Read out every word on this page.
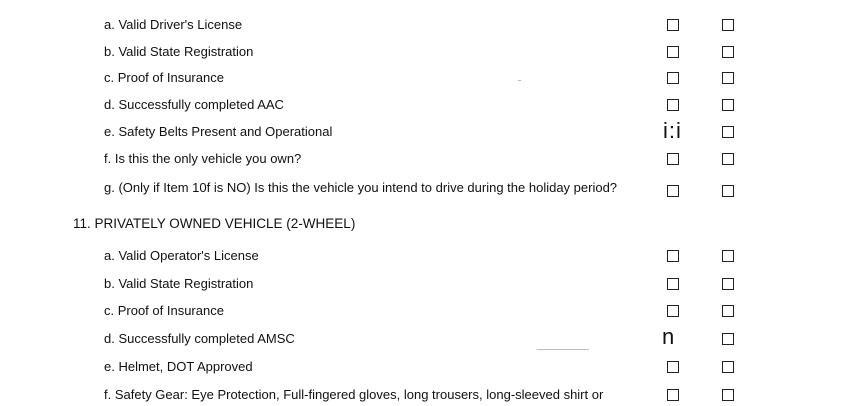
a. Valid Driver's License
b. Valid State Registration
c. Proof of Insurance
d. Successfully completed AAC
e. Safety Belts Present and Operational	i:i
f. Is this the only vehicle you own?
g. (Only if Item 10f is NO) Is this the vehicle you intend to drive during the holiday period?
11. PRIVATELY OWNED VEHICLE (2-WHEEL)
a. Valid Operator's License
b. Valid State Registration
c. Proof of Insurance
d. Successfully completed AMSC	n
e. Helmet, DOT Approved
f. Safety Gear: Eye Protection, Full-fingered gloves, long trousers, long-sleeved shirt or
